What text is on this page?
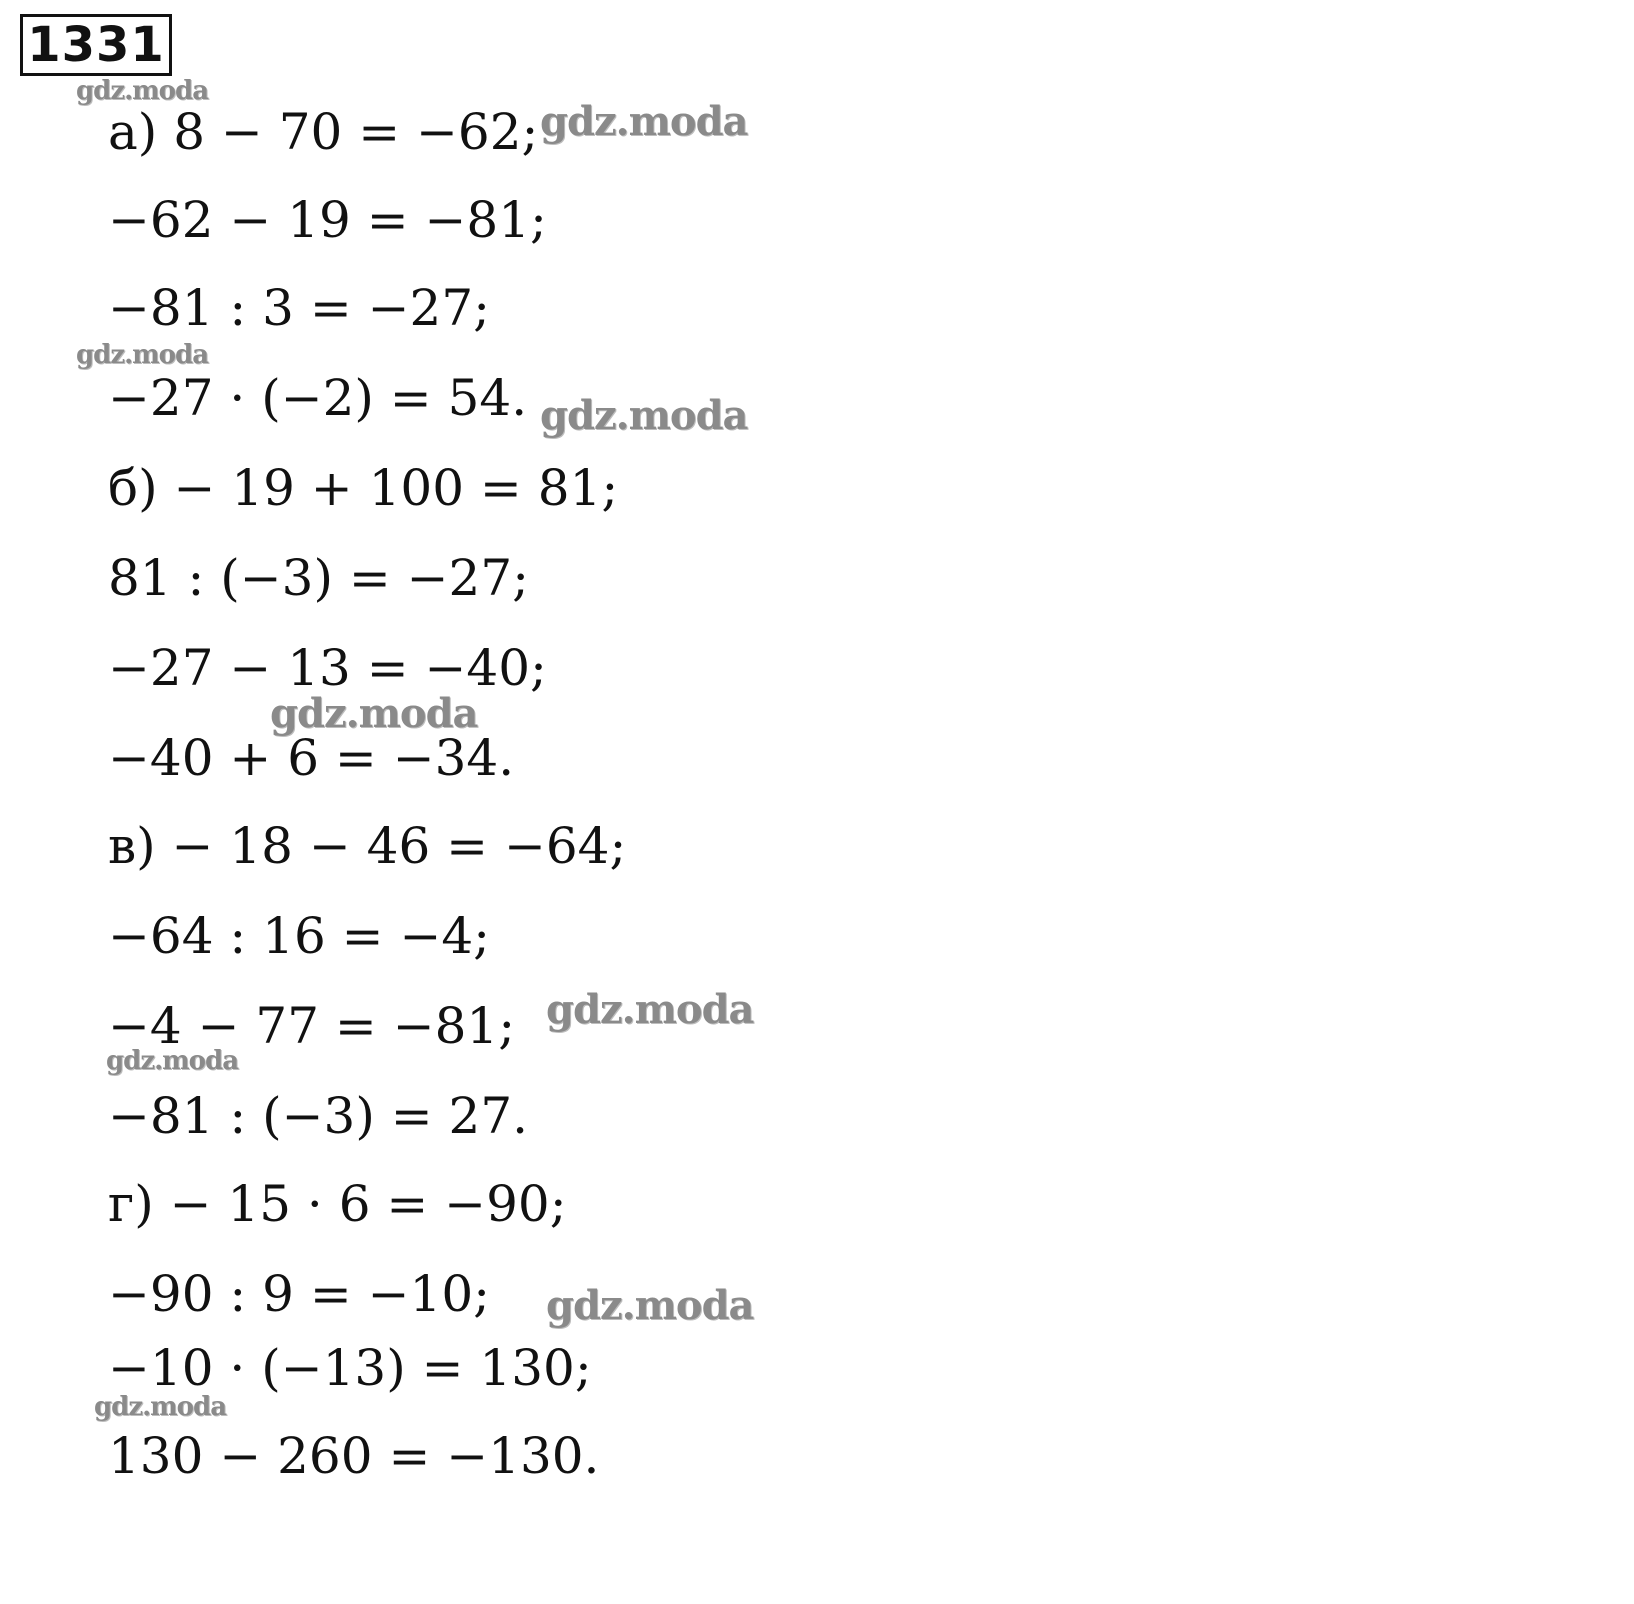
1331
а) 8 − 70 = −62;
−62 − 19 = −81;
−81 : 3 = −27;
−27 · (−2) = 54.
б) − 19 + 100 = 81;
81 : (−3) = −27;
−27 − 13 = −40;
−40 + 6 = −34.
в) − 18 − 46 = −64;
−64 : 16 = −4;
−4 − 77 = −81;
−81 : (−3) = 27.
г) − 15 · 6 = −90;
−90 : 9 = −10;
−10 · (−13) = 130;
130 − 260 = −130.
gdz.moda
gdz.moda
gdz.moda
gdz.moda
gdz.moda
gdz.moda
gdz.moda
gdz.moda
gdz.moda
